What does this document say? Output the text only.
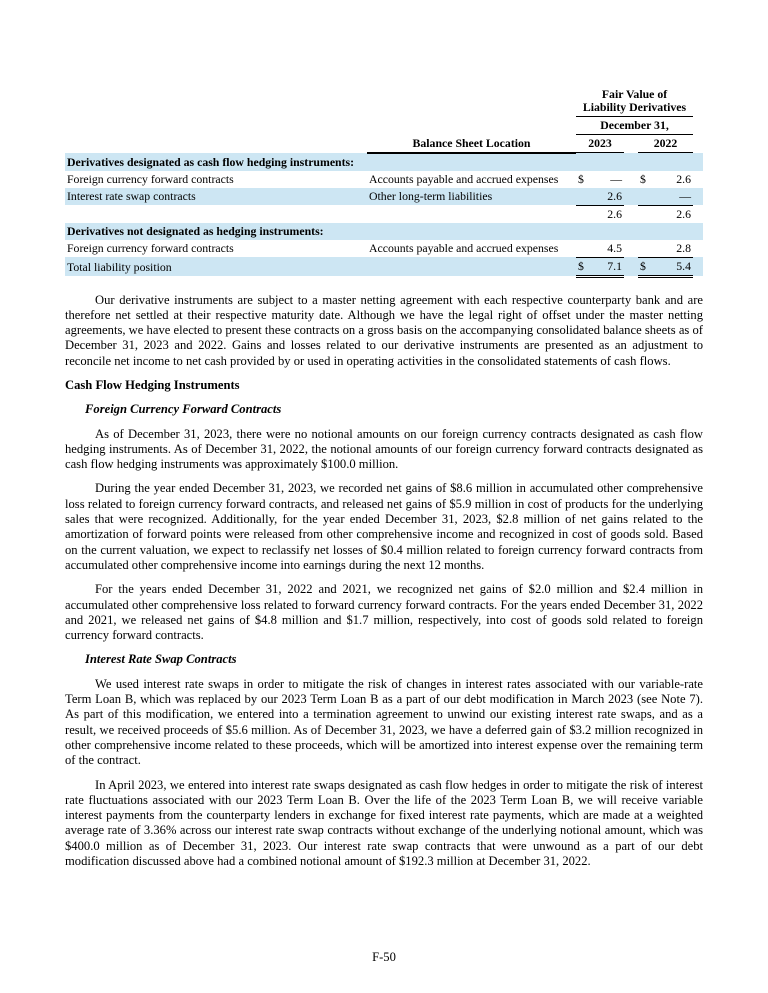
		Fair Value of
Liability Derivatives			
		December 31,			
	Balance Sheet Location	2023		2022	
Derivatives designated as cash flow hedging instruments:					
Foreign currency forward contracts	Accounts payable and accrued expenses	$ —		$ 2.6	

Interest rate swap contracts	Other long-term liabilities	2.6		—	

		2.6		2.6	

Derivatives not designated as hedging instruments:					
Foreign currency forward contracts	Accounts payable and accrued expenses	4.5		2.8	

Total liability position		$ 7.1		$ 5.4	

Our derivative instruments are subject to a master netting agreement with each respective counterparty bank and are therefore net settled at their respective maturity date. Although we have the legal right of offset under the master netting agreements, we have elected to present these contracts on a gross basis on the accompanying consolidated balance sheets as of December 31, 2023 and 2022. Gains and losses related to our derivative instruments are presented as an adjustment to reconcile net income to net cash provided by or used in operating activities in the consolidated statements of cash flows.

Cash Flow Hedging Instruments
Foreign Currency Forward Contracts

As of December 31, 2023, there were no notional amounts on our foreign currency contracts designated as cash flow hedging instruments. As of December 31, 2022, the notional amounts of our foreign currency forward contracts designated as cash flow hedging instruments was approximately $100.0 million.

During the year ended December 31, 2023, we recorded net gains of $8.6 million in accumulated other comprehensive loss related to foreign currency forward contracts, and released net gains of $5.9 million in cost of products for the underlying sales that were recognized. Additionally, for the year ended December 31, 2023, $2.8 million of net gains related to the amortization of forward points were released from other comprehensive income and recognized in cost of goods sold. Based on the current valuation, we expect to reclassify net losses of $0.4 million related to foreign currency forward contracts from accumulated other comprehensive income into earnings during the next 12 months.

For the years ended December 31, 2022 and 2021, we recognized net gains of $2.0 million and $2.4 million in accumulated other comprehensive loss related to forward currency forward contracts. For the years ended December 31, 2022 and 2021, we released net gains of $4.8 million and $1.7 million, respectively, into cost of goods sold related to foreign currency forward contracts.

Interest Rate Swap Contracts

We used interest rate swaps in order to mitigate the risk of changes in interest rates associated with our variable-rate Term Loan B, which was replaced by our 2023 Term Loan B as a part of our debt modification in March 2023 (see Note 7). As part of this modification, we entered into a termination agreement to unwind our existing interest rate swaps, and as a result, we received proceeds of $5.6 million. As of December 31, 2023, we have a deferred gain of $3.2 million recognized in other comprehensive income related to these proceeds, which will be amortized into interest expense over the remaining term of the contract.

In April 2023, we entered into interest rate swaps designated as cash flow hedges in order to mitigate the risk of interest rate fluctuations associated with our 2023 Term Loan B. Over the life of the 2023 Term Loan B, we will receive variable interest payments from the counterparty lenders in exchange for fixed interest rate payments, which are made at a weighted average rate of 3.36% across our interest rate swap contracts without exchange of the underlying notional amount, which was $400.0 million as of December 31, 2023. Our interest rate swap contracts that were unwound as a part of our debt modification discussed above had a combined notional amount of $192.3 million at December 31, 2022.

F-50
